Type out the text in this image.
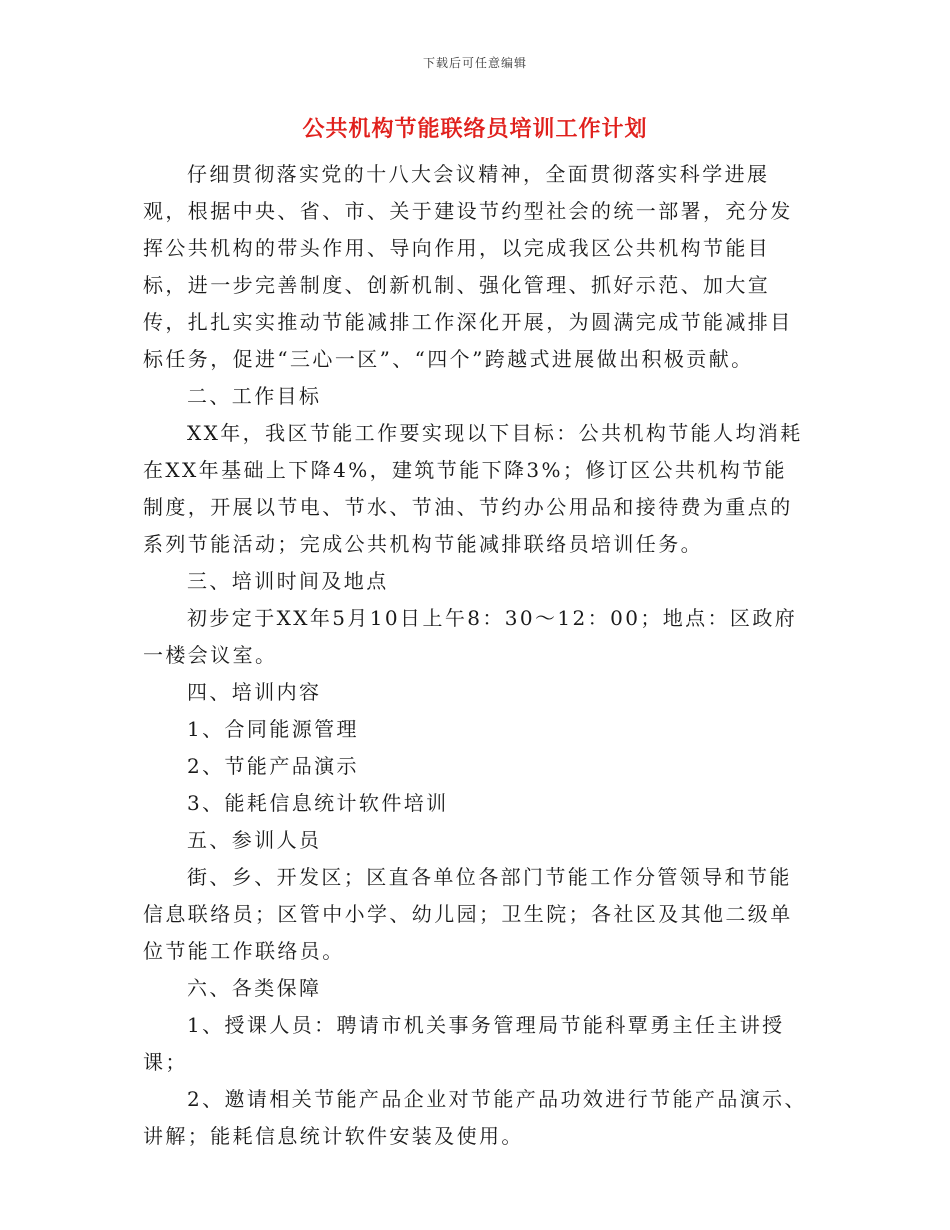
下载后可任意编辑
公共机构节能联络员培训工作计划

仔细贯彻落实党的十八大会议精神，全面贯彻落实科学进展观，根据中央、省、市、关于建设节约型社会的统一部署，充分发挥公共机构的带头作用、导向作用，以完成我区公共机构节能目标，进一步完善制度、创新机制、强化管理、抓好示范、加大宣传，扎扎实实推动节能减排工作深化开展，为圆满完成节能减排目标任务，促进“三心一区”、“四个”跨越式进展做出积极贡献。

二、工作目标

XX年，我区节能工作要实现以下目标：公共机构节能人均消耗在XX年基础上下降4%，建筑节能下降3%；修订区公共机构节能制度，开展以节电、节水、节油、节约办公用品和接待费为重点的系列节能活动；完成公共机构节能减排联络员培训任务。

三、培训时间及地点

初步定于XX年5月10日上午8：30～12：00；地点：区政府一楼会议室。

四、培训内容

1、合同能源管理

2、节能产品演示

3、能耗信息统计软件培训

五、参训人员

街、乡、开发区；区直各单位各部门节能工作分管领导和节能信息联络员；区管中小学、幼儿园；卫生院；各社区及其他二级单位节能工作联络员。

六、各类保障

1、授课人员：聘请市机关事务管理局节能科覃勇主任主讲授课；

2、邀请相关节能产品企业对节能产品功效进行节能产品演示、讲解；能耗信息统计软件安装及使用。
